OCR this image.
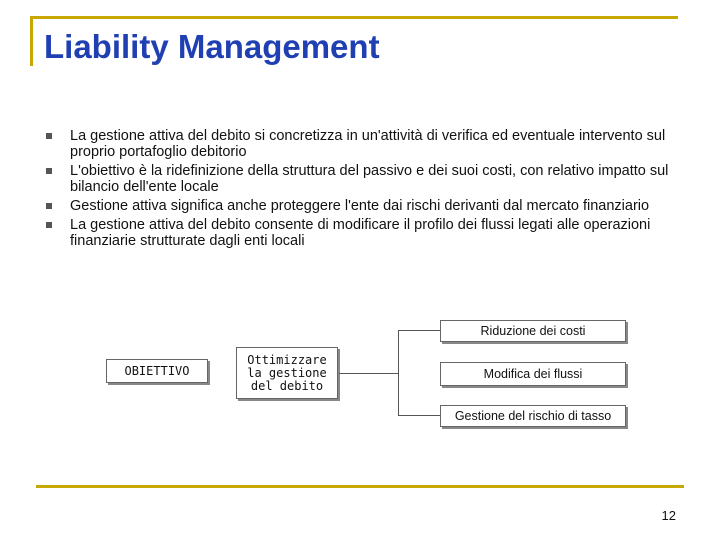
Liability Management
La gestione attiva del debito si concretizza in un'attività di verifica ed eventuale intervento sul proprio portafoglio debitorio
L'obiettivo è la ridefinizione della struttura del passivo e dei suoi costi, con relativo impatto sul bilancio dell'ente locale
Gestione attiva significa anche proteggere l'ente dai rischi derivanti dal mercato finanziario
La gestione attiva del debito consente di modificare il profilo dei flussi legati alle operazioni finanziarie strutturate dagli enti locali
OBIETTIVO
Ottimizzare la gestione del debito
Riduzione dei costi
Modifica dei flussi
Gestione del rischio di tasso
12
